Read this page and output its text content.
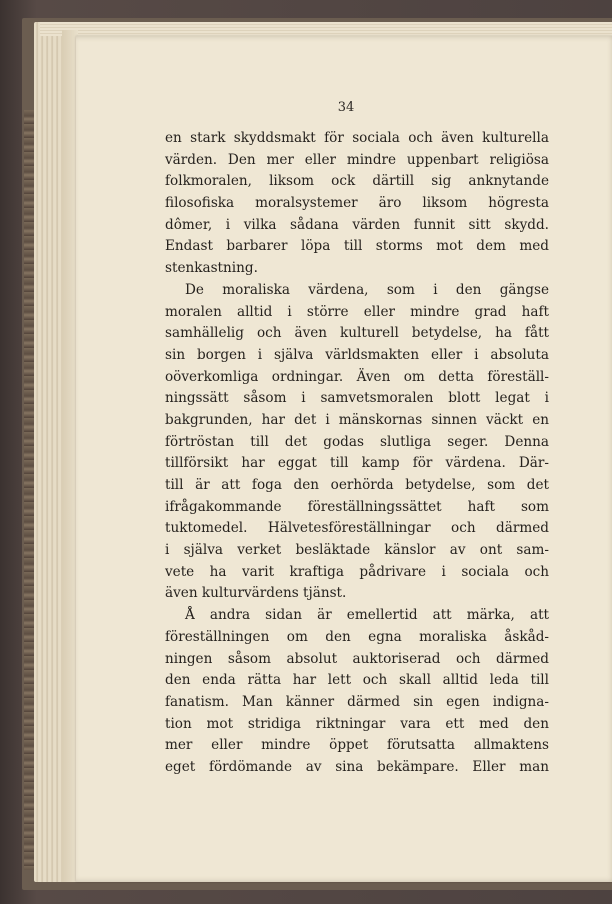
34
en stark skyddsmakt för sociala och även kulturella
värden. Den mer eller mindre uppenbart religiösa
folkmoralen, liksom ock därtill sig anknytande
filosofiska moralsystemer äro liksom högresta
dômer, i vilka sådana värden funnit sitt skydd.
Endast barbarer löpa till storms mot dem med
stenkastning.
De moraliska värdena, som i den gängse
moralen alltid i större eller mindre grad haft
samhällelig och även kulturell betydelse, ha fått
sin borgen i själva världsmakten eller i absoluta
oöverkomliga ordningar. Även om detta föreställ-
ningssätt såsom i samvetsmoralen blott legat i
bakgrunden, har det i mänskornas sinnen väckt en
förtröstan till det godas slutliga seger. Denna
tillförsikt har eggat till kamp för värdena. Där-
till är att foga den oerhörda betydelse, som det
ifrågakommande föreställningssättet haft som
tuktomedel. Hälvetesföreställningar och därmed
i själva verket besläktade känslor av ont sam-
vete ha varit kraftiga pådrivare i sociala och
även kulturvärdens tjänst.
Å andra sidan är emellertid att märka, att
föreställningen om den egna moraliska åskåd-
ningen såsom absolut auktoriserad och därmed
den enda rätta har lett och skall alltid leda till
fanatism. Man känner därmed sin egen indigna-
tion mot stridiga riktningar vara ett med den
mer eller mindre öppet förutsatta allmaktens
eget fördömande av sina bekämpare. Eller man
